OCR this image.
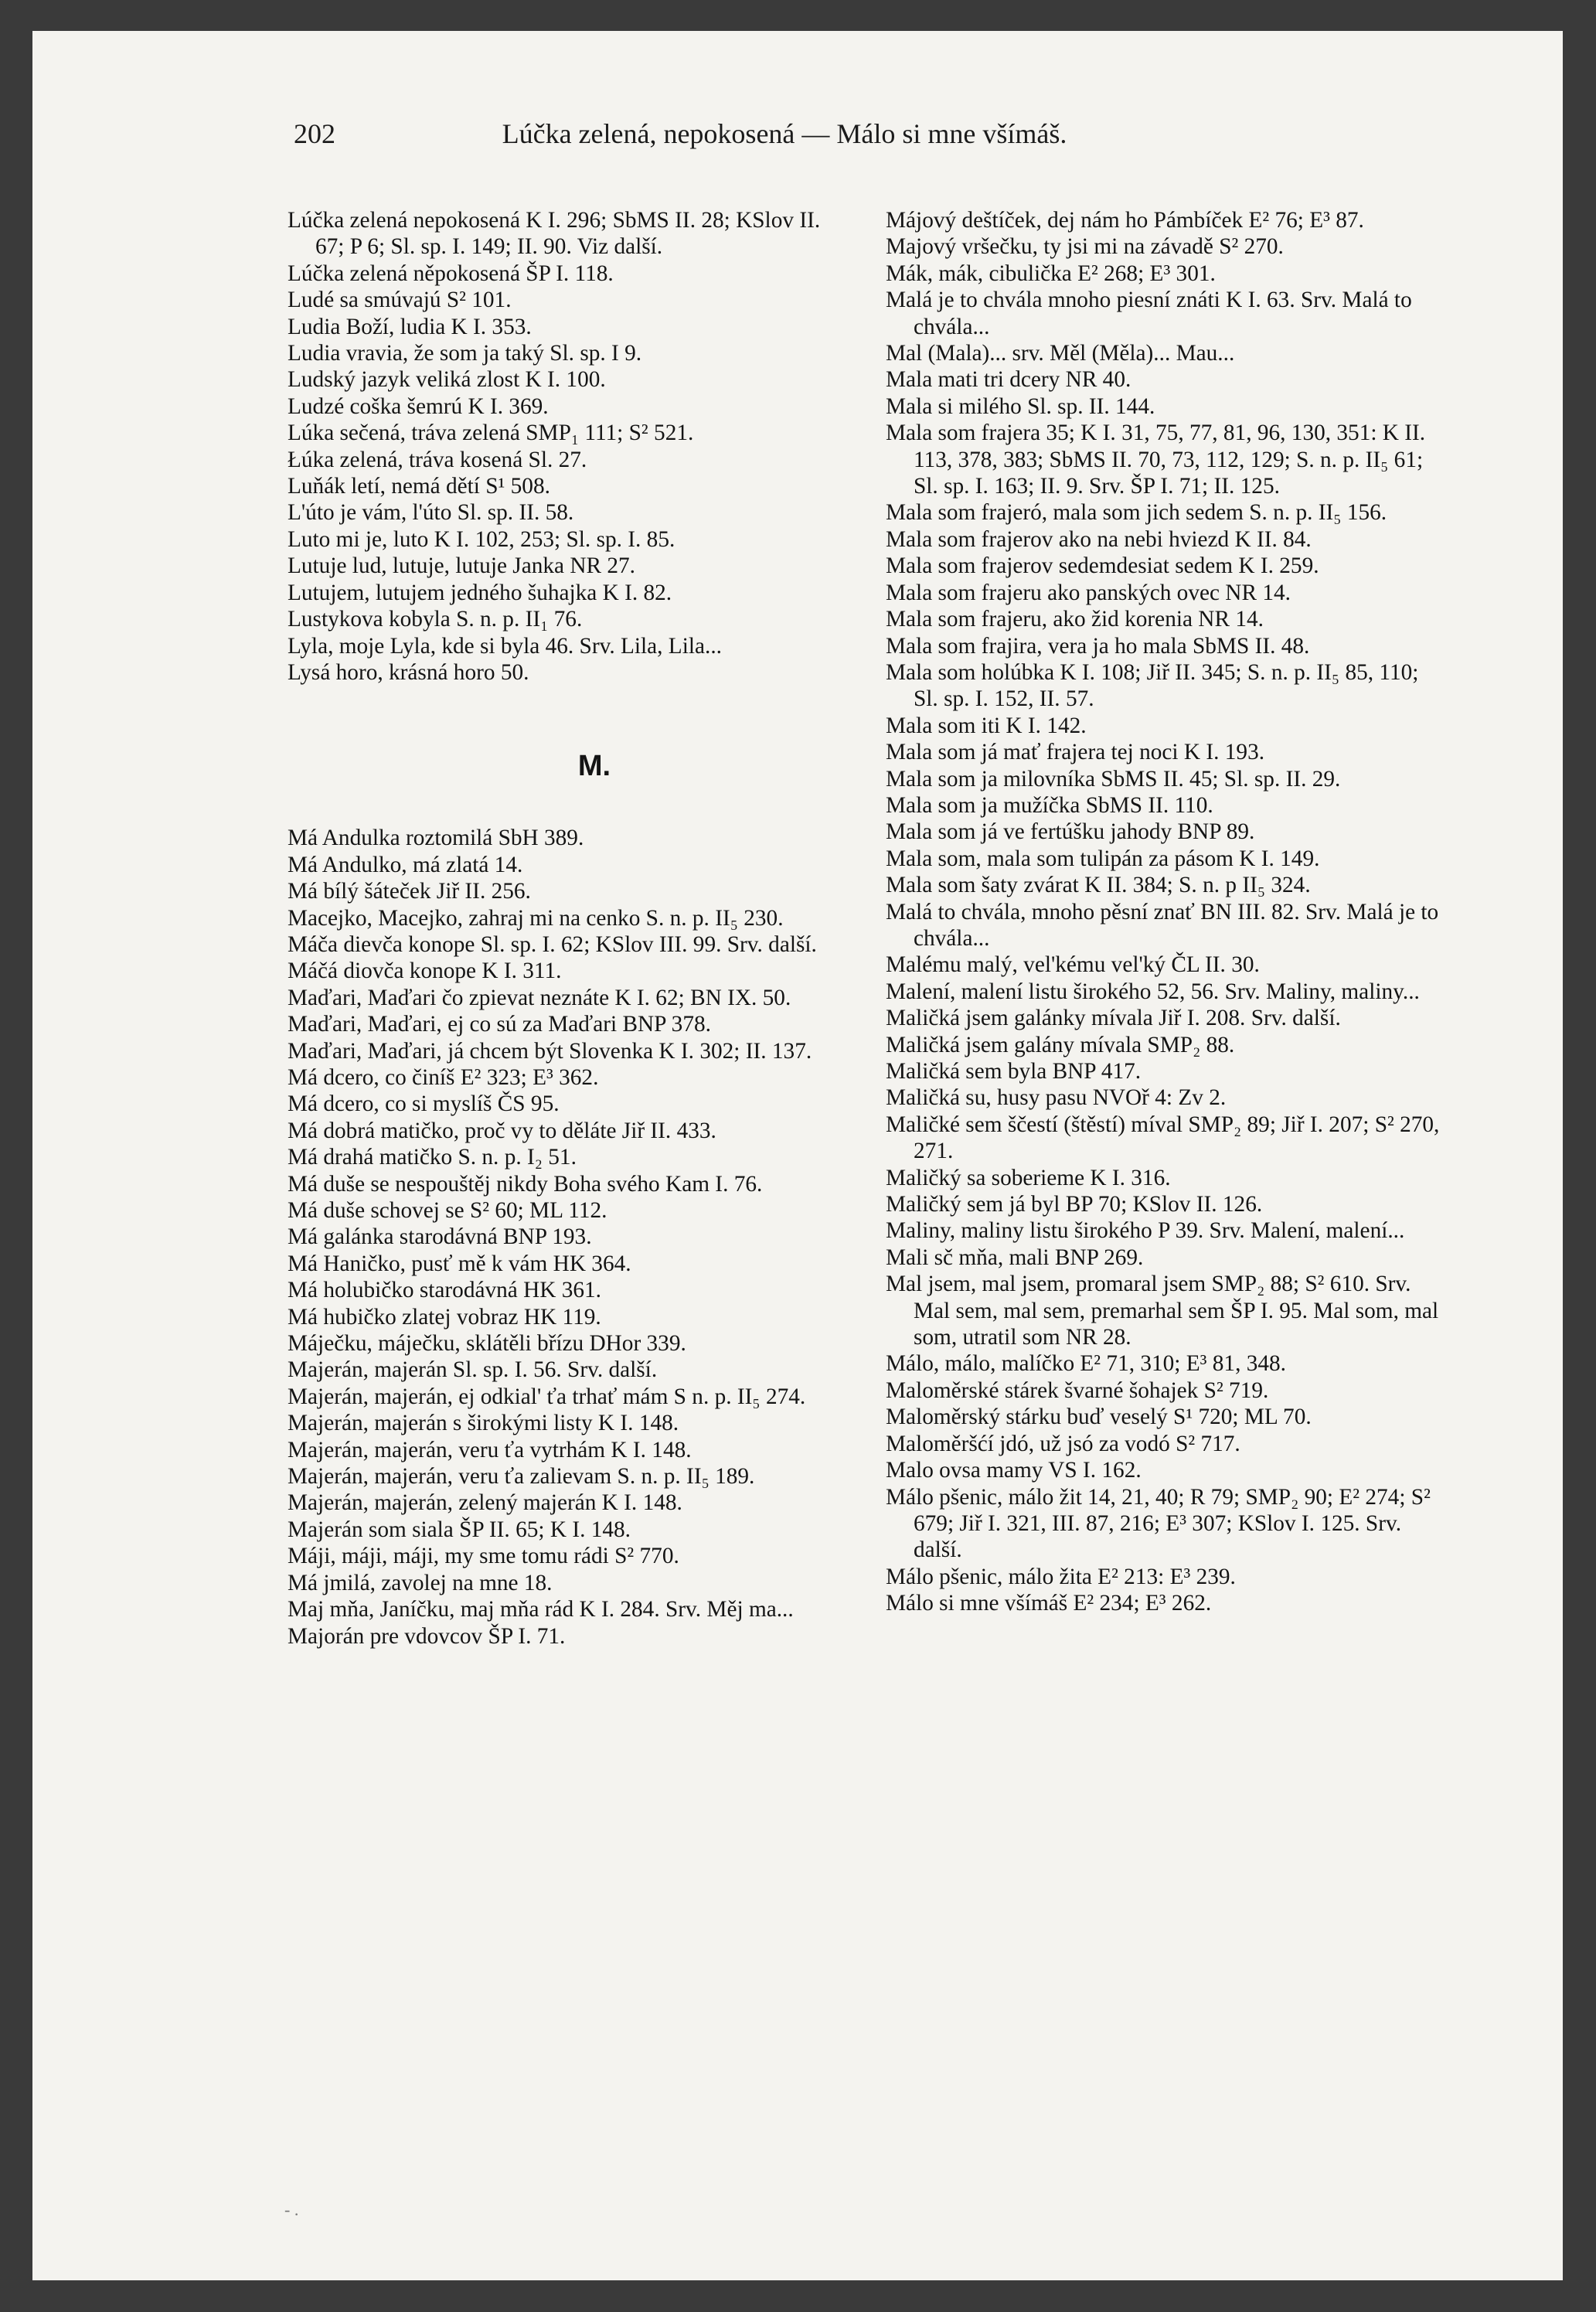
202	Lúčka zelená, nepokosená — Málo si mne všímáš.

Lúčka zelená nepokosená K I. 296; SbMS II. 28; KSlov II. 67; P 6; Sl. sp. I. 149; II. 90. Viz další.

Lúčka zelená něpokosená ŠP I. 118.

Ludé sa smúvajú S² 101.

Ludia Boží, ludia K I. 353.

Ludia vravia, že som ja taký Sl. sp. I 9.

Ludský jazyk veliká zlost K I. 100.

Ludzé coška šemrú K I. 369.

Lúka sečená, tráva zelená SMP₁ 111; S² 521.

Łúka zelená, tráva kosená Sl. 27.

Luňák letí, nemá dětí S¹ 508.

L'úto je vám, l'úto Sl. sp. II. 58.

Luto mi je, luto K I. 102, 253; Sl. sp. I. 85.

Lutuje lud, lutuje, lutuje Janka NR 27.

Lutujem, lutujem jedného šuhajka K I. 82.

Lustykova kobyla S. n. p. II₁ 76.

Lyla, moje Lyla, kde si byla 46. Srv. Lila, Lila...

Lysá horo, krásná horo 50.

M.

Má Andulka roztomilá SbH 389.

Má Andulko, má zlatá 14.

Má bílý šáteček Jiř II. 256.

Macejko, Macejko, zahraj mi na cenko S. n. p. II₅ 230.

Máča dievča konope Sl. sp. I. 62; KSlov III. 99. Srv. další.

Máčá diovča konope K I. 311.

Maďari, Maďari čo zpievat neznáte K I. 62; BN IX. 50.

Maďari, Maďari, ej co sú za Maďari BNP 378.

Maďari, Maďari, já chcem být Slovenka K I. 302; II. 137.

Má dcero, co činíš E² 323; E³ 362.

Má dcero, co si myslíš ČS 95.

Má dobrá matičko, proč vy to děláte Jiř II. 433.

Má drahá matičko S. n. p. I₂ 51.

Má duše se nespouštěj nikdy Boha svého Kam I. 76.

Má duše schovej se S² 60; ML 112.

Má galánka starodávná BNP 193.

Má Haničko, pusť mě k vám HK 364.

Má holubičko starodávná HK 361.

Má hubičko zlatej vobraz HK 119.

Máječku, máječku, sklátěli břízu DHor 339.

Majerán, majerán Sl. sp. I. 56. Srv. další.

Majerán, majerán, ej odkial' ťa trhať mám S n. p. II₅ 274.

Majerán, majerán s širokými listy K I. 148.

Majerán, majerán, veru ťa vytrhám K I. 148.

Majerán, majerán, veru ťa zalievam S. n. p. II₅ 189.

Majerán, majerán, zelený majerán K I. 148.

Majerán som siala ŠP II. 65; K I. 148.

Máji, máji, máji, my sme tomu rádi S² 770.

Má jmilá, zavolej na mne 18.

Maj mňa, Janíčku, maj mňa rád K I. 284. Srv. Měj ma...

Majorán pre vdovcov ŠP I. 71.

Májový deštíček, dej nám ho Pámbíček E² 76; E³ 87.

Majový vršečku, ty jsi mi na závadě S² 270.

Mák, mák, cibulička E² 268; E³ 301.

Malá je to chvála mnoho piesní znáti K I. 63. Srv. Malá to chvála...

Mal (Mala)... srv. Měl (Měla)... Mau...

Mala mati tri dcery NR 40.

Mala si milého Sl. sp. II. 144.

Mala som frajera 35; K I. 31, 75, 77, 81, 96, 130, 351: K II. 113, 378, 383; SbMS II. 70, 73, 112, 129; S. n. p. II₅ 61; Sl. sp. I. 163; II. 9. Srv. ŠP I. 71; II. 125.

Mala som frajeró, mala som jich sedem S. n. p. II₅ 156.

Mala som frajerov ako na nebi hviezd K II. 84.

Mala som frajerov sedemdesiat sedem K I. 259.

Mala som frajeru ako panských ovec NR 14.

Mala som frajeru, ako žid korenia NR 14.

Mala som frajira, vera ja ho mala SbMS II. 48.

Mala som holúbka K I. 108; Jiř II. 345; S. n. p. II₅ 85, 110; Sl. sp. I. 152, II. 57.

Mala som iti K I. 142.

Mala som já mať frajera tej noci K I. 193.

Mala som ja milovníka SbMS II. 45; Sl. sp. II. 29.

Mala som ja mužíčka SbMS II. 110.

Mala som já ve fertúšku jahody BNP 89.

Mala som, mala som tulipán za pásom K I. 149.

Mala som šaty zvárat K II. 384; S. n. p II₅ 324.

Malá to chvála, mnoho pěsní znať BN III. 82. Srv. Malá je to chvála...

Malému malý, vel'kému vel'ký ČL II. 30.

Malení, malení listu širokého 52, 56. Srv. Maliny, maliny...

Maličká jsem galánky mívala Jiř I. 208. Srv. další.

Maličká jsem galány mívala SMP₂ 88.

Maličká sem byla BNP 417.

Maličká su, husy pasu NVOř 4: Zv 2.

Maličké sem ščestí (štěstí) míval SMP₂ 89; Jiř I. 207; S² 270, 271.

Maličký sa soberieme K I. 316.

Maličký sem já byl BP 70; KSlov II. 126.

Maliny, maliny listu širokého P 39. Srv. Malení, malení...

Mali sč mňa, mali BNP 269.

Mal jsem, mal jsem, promaral jsem SMP₂ 88; S² 610. Srv. Mal sem, mal sem, premarhal sem ŠP I. 95. Mal som, mal som, utratil som NR 28.

Málo, málo, malíčko E² 71, 310; E³ 81, 348.

Maloměrské stárek švarné šohajek S² 719.

Maloměrský stárku buď veselý S¹ 720; ML 70.

Maloměršćí jdó, už jsó za vodó S² 717.

Malo ovsa mamy VS I. 162.

Málo pšenic, málo žit 14, 21, 40; R 79; SMP₂ 90; E² 274; S² 679; Jiř I. 321, III. 87, 216; E³ 307; KSlov I. 125. Srv. další.

Málo pšenic, málo žita E² 213: E³ 239.

Málo si mne všímáš E² 234; E³ 262.

- .
